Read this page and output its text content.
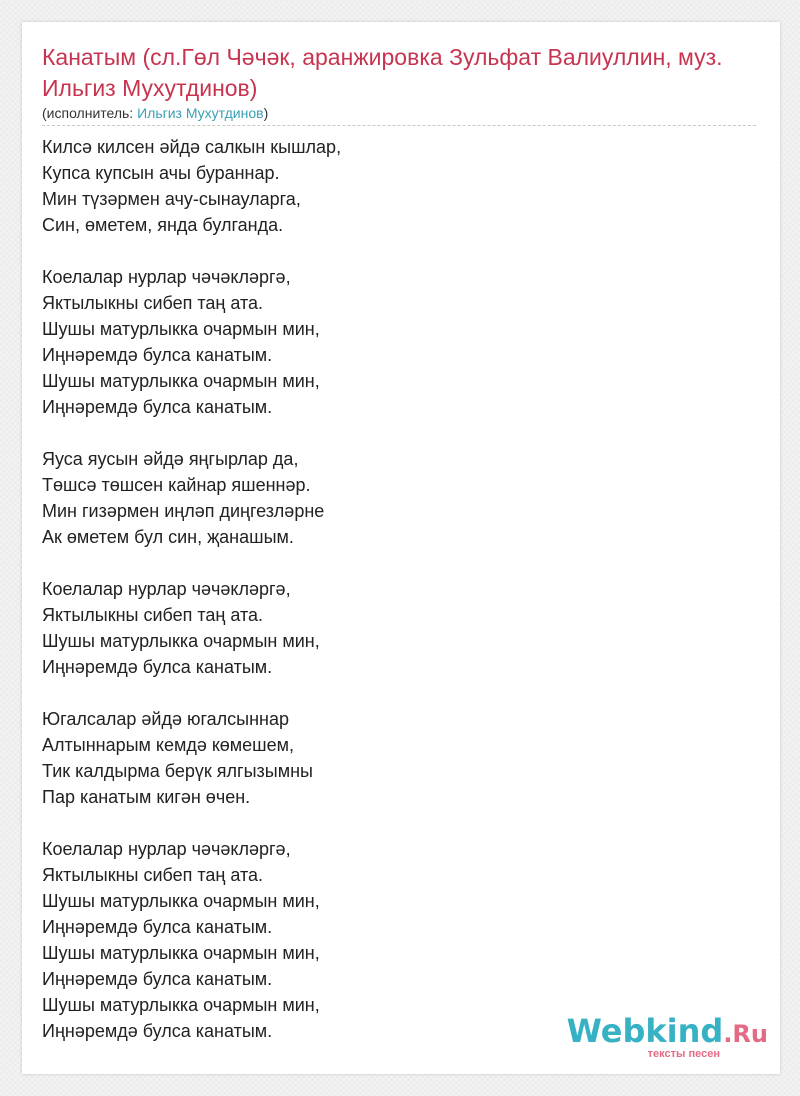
Канатым (сл.Гөл Чәчәк, аранжировка Зульфат Валиуллин, муз. Ильгиз Мухутдинов)
(исполнитель: Ильгиз Мухутдинов)
Килсә килсен әйдә салкын кышлар,
Купса купсын ачы бураннар.
Мин түзәрмен ачу-сынауларга,
Син, өметем, янда булганда.
Коелалар нурлар чәчәкләргә,
Яктылыкны сибеп таң ата.
Шушы матурлыкка очармын мин,
Иңнәремдә булса канатым.
Шушы матурлыкка очармын мин,
Иңнәремдә булса канатым.
Яуса яусын әйдә яңгырлар да,
Төшсә төшсен кайнар яшеннәр.
Мин гизәрмен иңләп диңгезләрне
Ак өметем бул син, җанашым.
Коелалар нурлар чәчәкләргә,
Яктылыкны сибеп таң ата.
Шушы матурлыкка очармын мин,
Иңнәремдә булса канатым.
Югалсалар әйдә югалсыннар
Алтыннарым кемдә көмешем,
Тик калдырма берүк ялгызымны
Пар канатым кигән өчен.
Коелалар нурлар чәчәкләргә,
Яктылыкны сибеп таң ата.
Шушы матурлыкка очармын мин,
Иңнәремдә булса канатым.
Шушы матурлыкка очармын мин,
Иңнәремдә булса канатым.
Шушы матурлыкка очармын мин,
Иңнәремдә булса канатым.	Webkind.Ru
тексты песен
